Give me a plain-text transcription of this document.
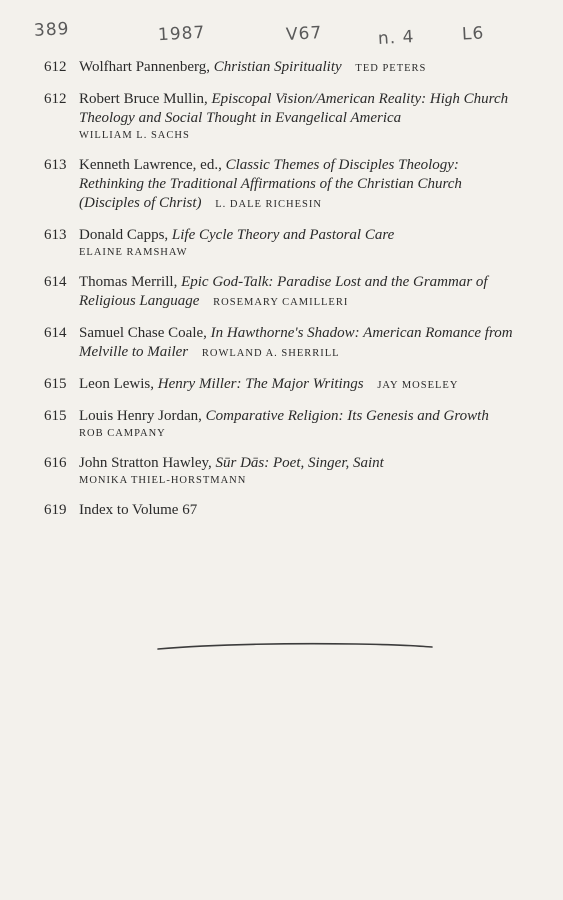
389	1987	V67	n. 4	L6
612 Wolfhart Pannenberg, Christian Spirituality TED PETERS
612 Robert Bruce Mullin, Episcopal Vision/American Reality: High Church Theology and Social Thought in Evangelical America
WILLIAM L. SACHS
613 Kenneth Lawrence, ed., Classic Themes of Disciples Theology: Rethinking the Traditional Affirmations of the Christian Church (Disciples of Christ) L. DALE RICHESIN
613 Donald Capps, Life Cycle Theory and Pastoral Care
ELAINE RAMSHAW
614 Thomas Merrill, Epic God-Talk: Paradise Lost and the Grammar of Religious Language ROSEMARY CAMILLERI
614 Samuel Chase Coale, In Hawthorne's Shadow: American Romance from Melville to Mailer ROWLAND A. SHERRILL
615 Leon Lewis, Henry Miller: The Major Writings JAY MOSELEY
615 Louis Henry Jordan, Comparative Religion: Its Genesis and Growth
ROB CAMPANY
616 John Stratton Hawley, Sūr Dās: Poet, Singer, Saint
MONIKA THIEL-HORSTMANN
619 Index to Volume 67
